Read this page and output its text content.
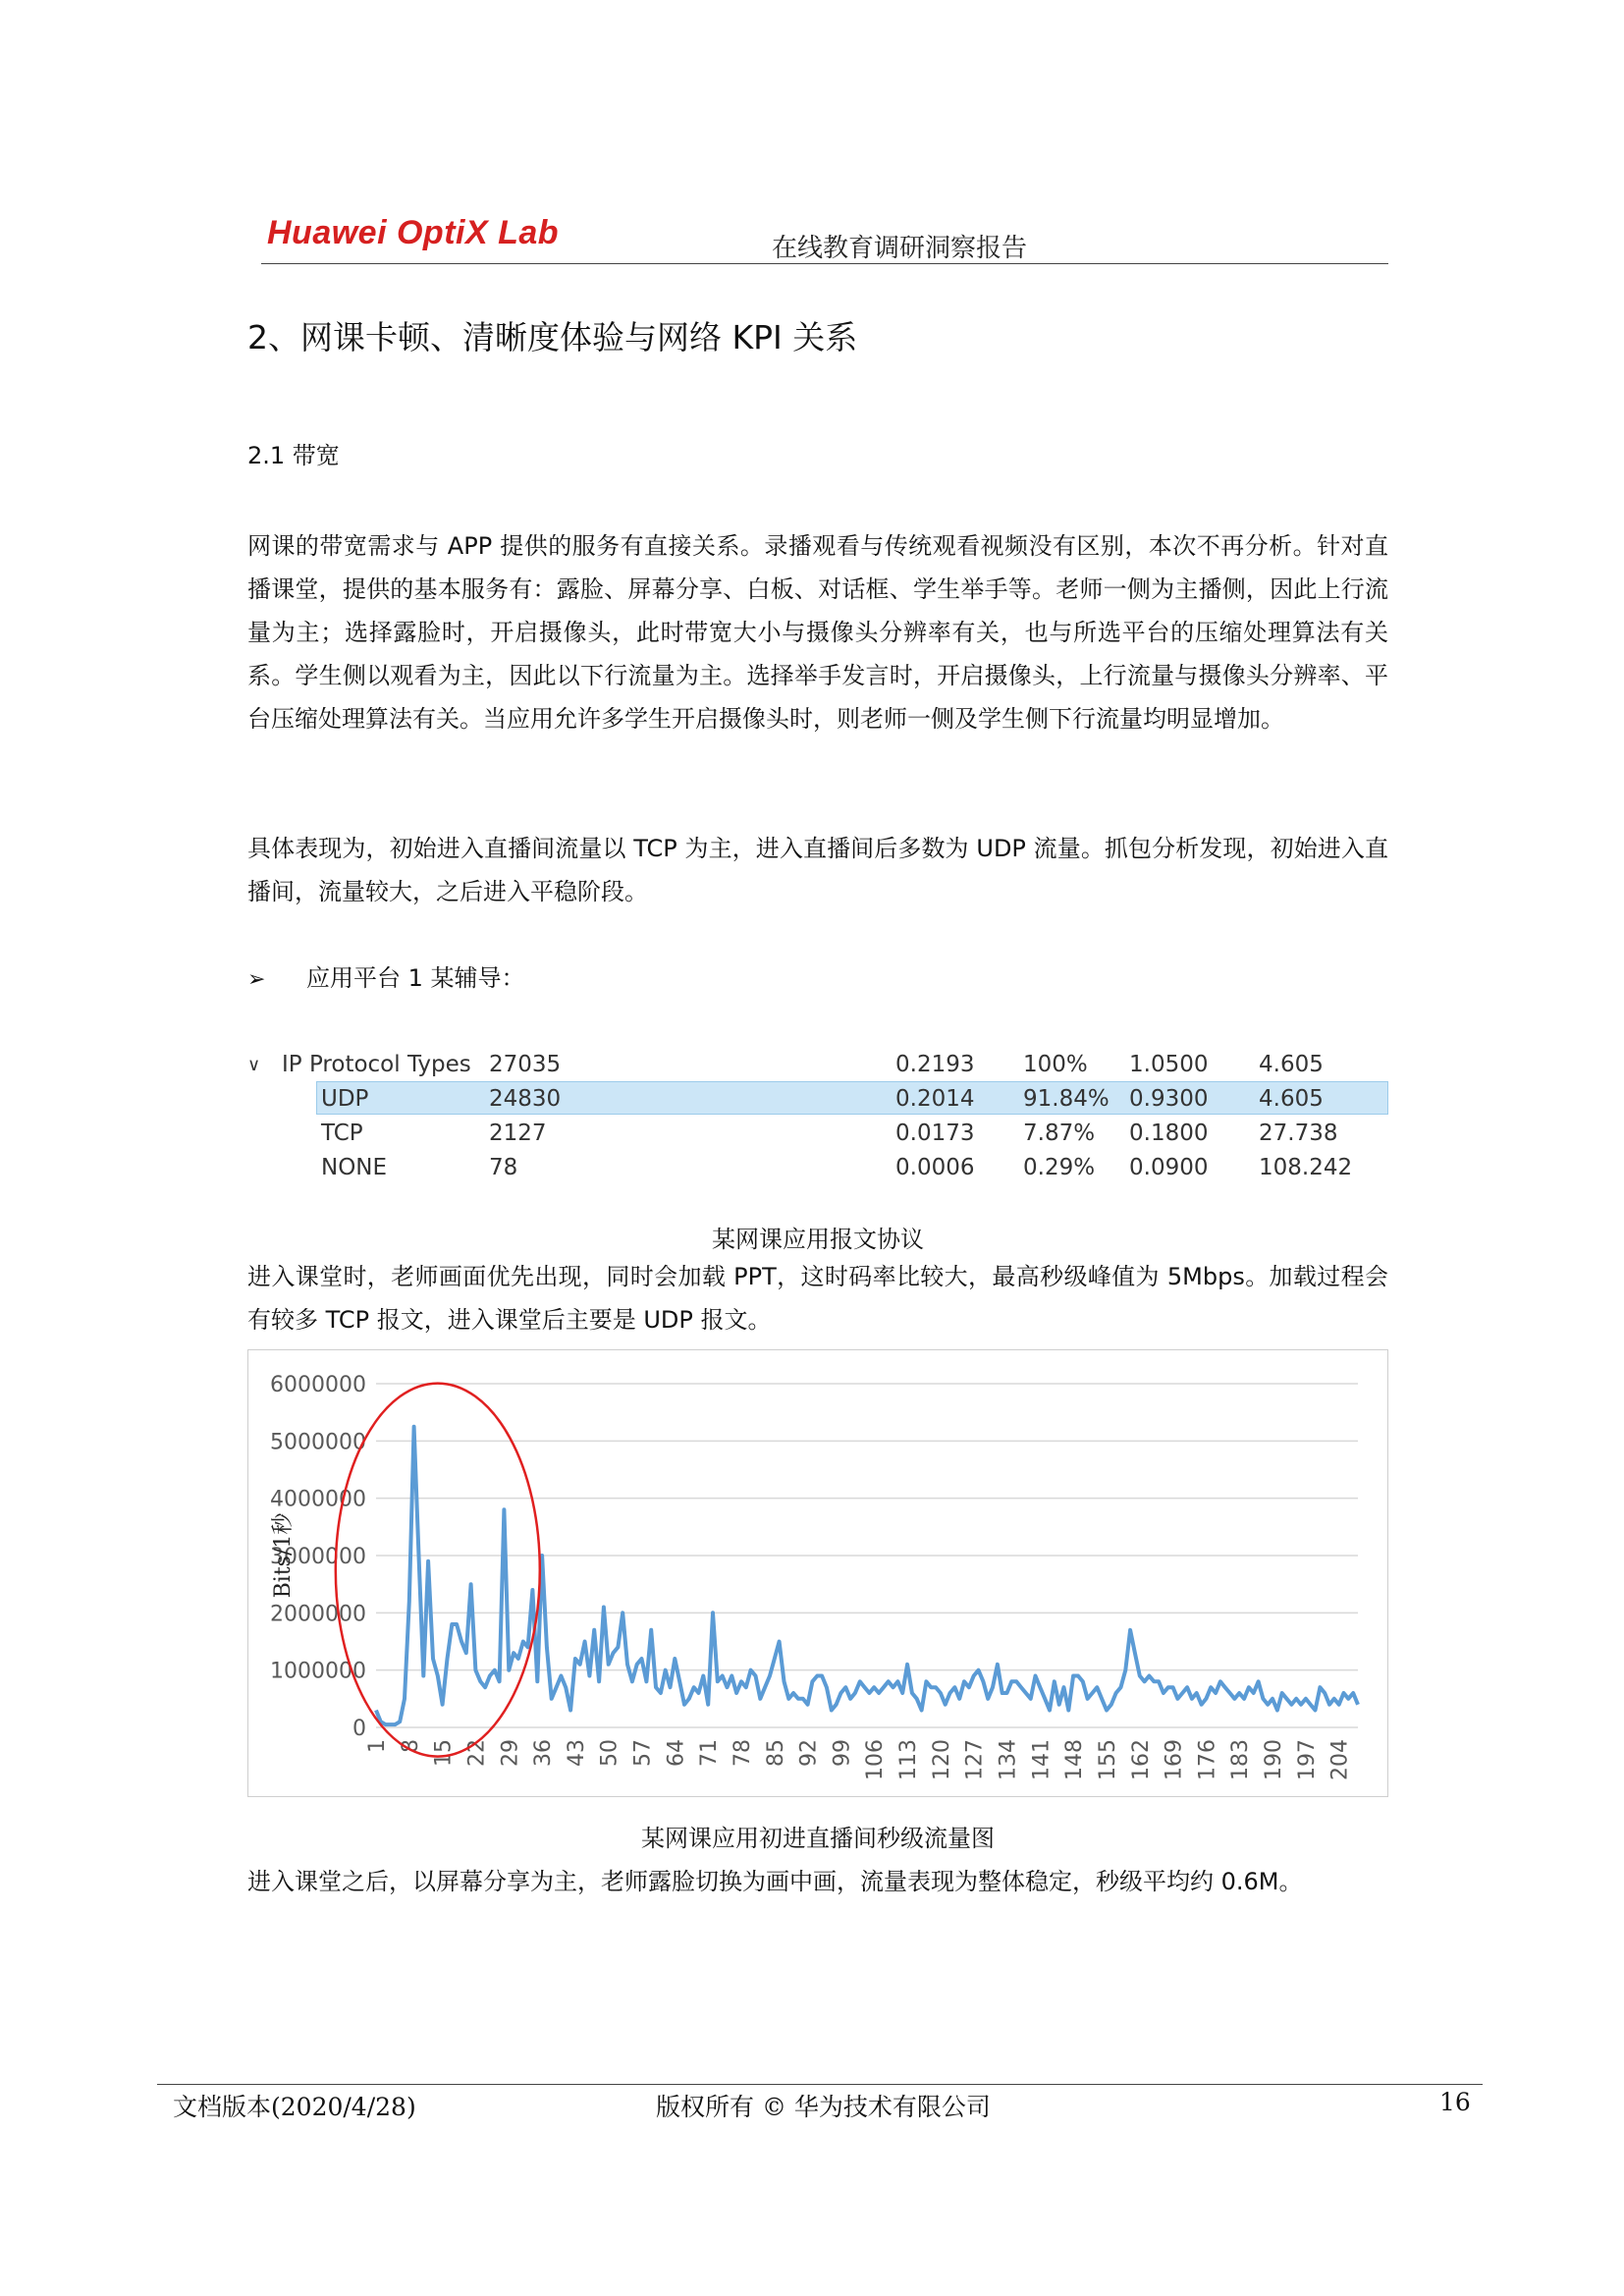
Huawei OptiX Lab	在线教育调研洞察报告
2、网课卡顿、清晰度体验与网络 KPI 关系
2.1 带宽
网课的带宽需求与 APP 提供的服务有直接关系。录播观看与传统观看视频没有区别，本次不再分析。针对直播课堂，提供的基本服务有：露脸、屏幕分享、白板、对话框、学生举手等。老师一侧为主播侧，因此上行流量为主；选择露脸时，开启摄像头，此时带宽大小与摄像头分辨率有关，也与所选平台的压缩处理算法有关系。学生侧以观看为主，因此以下行流量为主。选择举手发言时，开启摄像头，上行流量与摄像头分辨率、平台压缩处理算法有关。当应用允许多学生开启摄像头时，则老师一侧及学生侧下行流量均明显增加。
具体表现为，初始进入直播间流量以 TCP 为主，进入直播间后多数为 UDP 流量。抓包分析发现，初始进入直播间，流量较大，之后进入平稳阶段。
➢ 应用平台 1 某辅导：
∨ IP Protocol Types 27035	0.2193 100% 1.0500 4.605
UDP	24830	0.2014 91.84% 0.9300 4.605
TCP	2127	0.0173 7.87% 0.1800 27.738
NONE	78	0.0006 0.29% 0.0900 108.242
某网课应用报文协议
进入课堂时，老师画面优先出现，同时会加载 PPT，这时码率比较大，最高秒级峰值为 5Mbps。加载过程会有较多 TCP 报文，进入课堂后主要是 UDP 报文。
0
1000000
2000000
3000000
4000000
5000000
6000000
1 8 15 22 29 36 43 50 57 64 71 78 85 92 99 106 113 120 127 134 141 148 155 162 169 176 183 190 197 204
Bits/1秒
某网课应用初进直播间秒级流量图
进入课堂之后，以屏幕分享为主，老师露脸切换为画中画，流量表现为整体稳定，秒级平均约 0.6M。
文档版本(2020/4/28)	版权所有 © 华为技术有限公司	16
